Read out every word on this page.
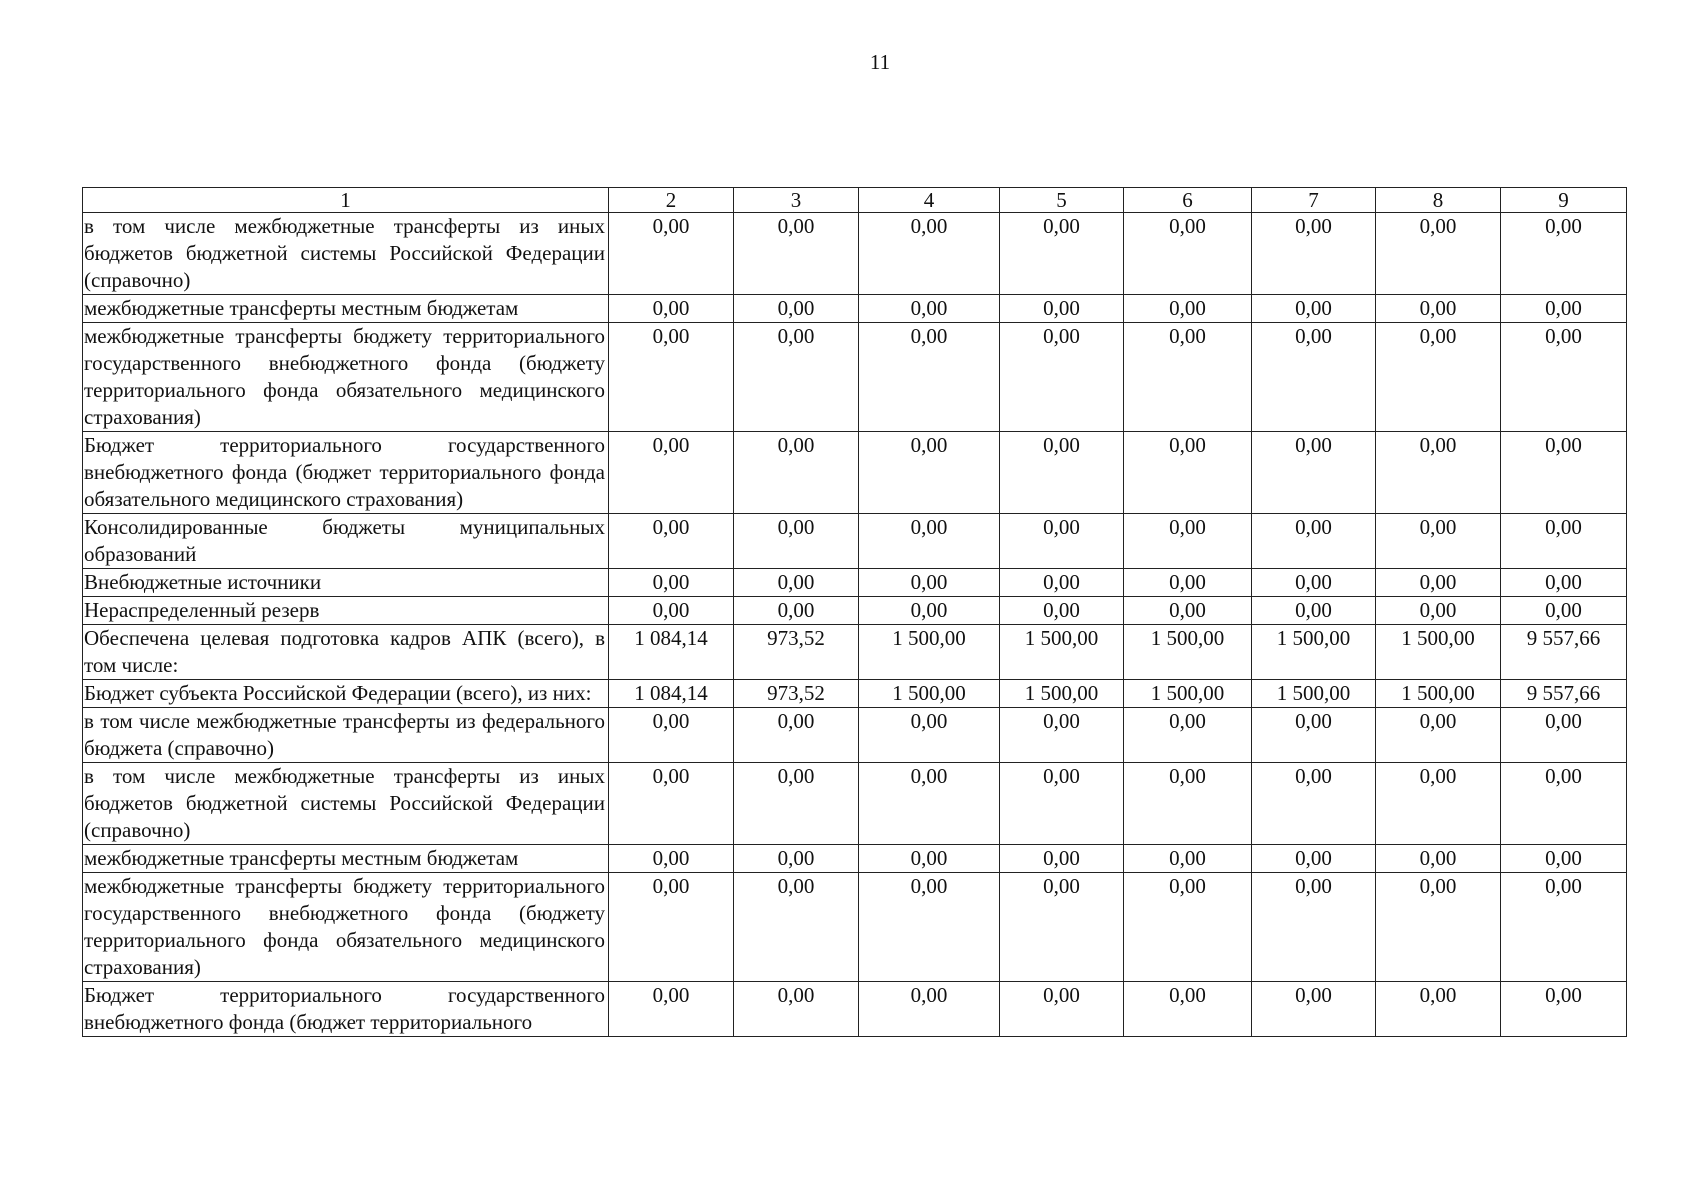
11
1	2	3	4	5	6	7	8	9
в том числе межбюджетные трансферты из иных бюджетов бюджетной системы Российской Федерации (справочно)	0,00	0,00	0,00	0,00	0,00	0,00	0,00	0,00
межбюджетные трансферты местным бюджетам	0,00	0,00	0,00	0,00	0,00	0,00	0,00	0,00
межбюджетные трансферты бюджету территориального государственного внебюджетного фонда (бюджету территориального фонда обязательного медицинского страхования)	0,00	0,00	0,00	0,00	0,00	0,00	0,00	0,00
Бюджет территориального государственного внебюджетного фонда (бюджет территориального фонда обязательного медицинского страхования)	0,00	0,00	0,00	0,00	0,00	0,00	0,00	0,00
Консолидированные бюджеты муниципальных образований	0,00	0,00	0,00	0,00	0,00	0,00	0,00	0,00
Внебюджетные источники	0,00	0,00	0,00	0,00	0,00	0,00	0,00	0,00
Нераспределенный резерв	0,00	0,00	0,00	0,00	0,00	0,00	0,00	0,00
Обеспечена целевая подготовка кадров АПК (всего), в том числе:	1 084,14	973,52	1 500,00	1 500,00	1 500,00	1 500,00	1 500,00	9 557,66
Бюджет субъекта Российской Федерации (всего), из них:	1 084,14	973,52	1 500,00	1 500,00	1 500,00	1 500,00	1 500,00	9 557,66
в том числе межбюджетные трансферты из федерального бюджета (справочно)	0,00	0,00	0,00	0,00	0,00	0,00	0,00	0,00
в том числе межбюджетные трансферты из иных бюджетов бюджетной системы Российской Федерации (справочно)	0,00	0,00	0,00	0,00	0,00	0,00	0,00	0,00
межбюджетные трансферты местным бюджетам	0,00	0,00	0,00	0,00	0,00	0,00	0,00	0,00
межбюджетные трансферты бюджету территориального государственного внебюджетного фонда (бюджету территориального фонда обязательного медицинского страхования)	0,00	0,00	0,00	0,00	0,00	0,00	0,00	0,00
Бюджет территориального государственного внебюджетного фонда (бюджет территориального	0,00	0,00	0,00	0,00	0,00	0,00	0,00	0,00
